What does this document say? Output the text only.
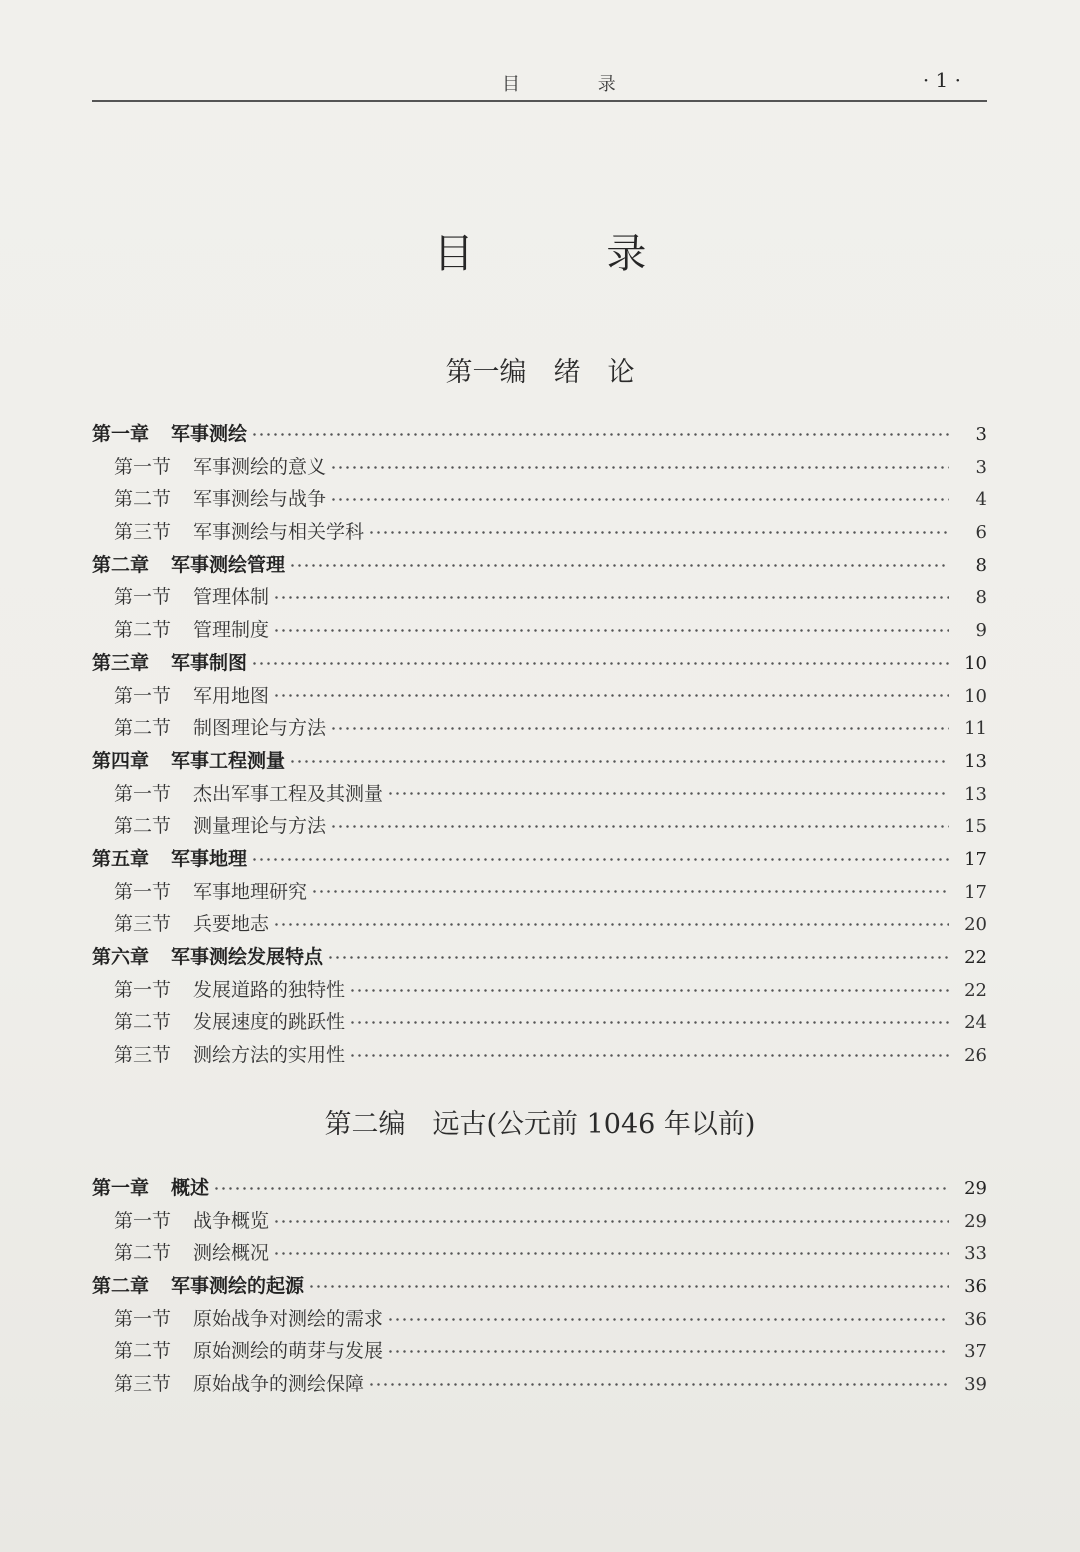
目 录	· 1 ·
目 录
第一编　绪　论
第一章 军事测绘	3
第一节 军事测绘的意义	3
第二节 军事测绘与战争	4
第三节 军事测绘与相关学科	6
第二章 军事测绘管理	8
第一节 管理体制	8
第二节 管理制度	9
第三章 军事制图	10
第一节 军用地图	10
第二节 制图理论与方法	11
第四章 军事工程测量	13
第一节 杰出军事工程及其测量	13
第二节 测量理论与方法	15
第五章 军事地理	17
第一节 军事地理研究	17
第三节 兵要地志	20
第六章 军事测绘发展特点	22
第一节 发展道路的独特性	22
第二节 发展速度的跳跃性	24
第三节 测绘方法的实用性	26
第二编　远古(公元前 1046 年以前)
第一章 概述	29
第一节 战争概览	29
第二节 测绘概况	33
第二章 军事测绘的起源	36
第一节 原始战争对测绘的需求	36
第二节 原始测绘的萌芽与发展	37
第三节 原始战争的测绘保障	39
